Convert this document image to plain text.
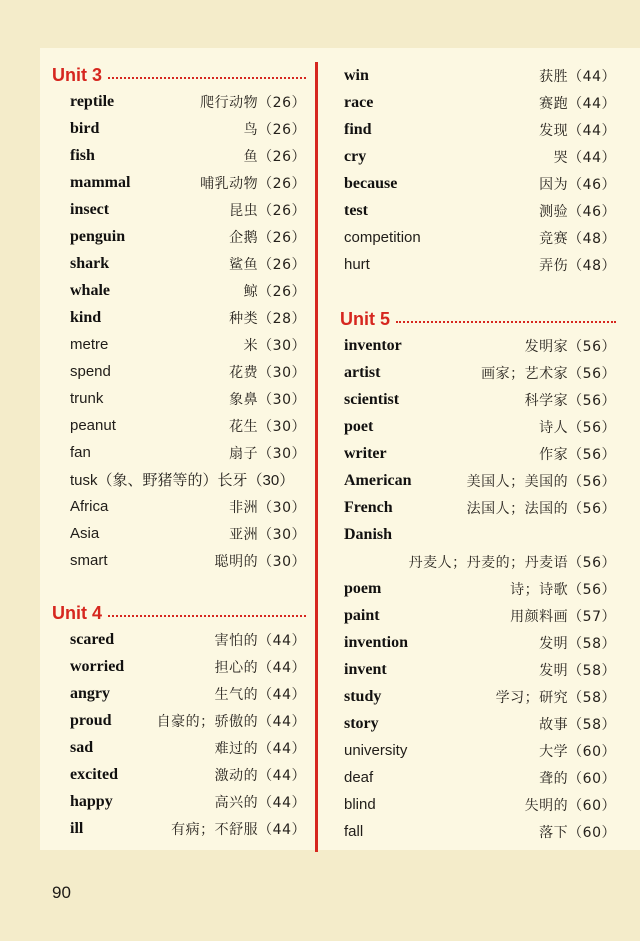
Unit 3
reptile	爬行动物（26）
bird	鸟（26）
fish	鱼（26）
mammal	哺乳动物（26）
insect	昆虫（26）
penguin	企鹅（26）
shark	鲨鱼（26）
whale	鲸（26）
kind	种类（28）
metre	米（30）
spend	花费（30）
trunk	象鼻（30）
peanut	花生（30）
fan	扇子（30）
tusk（象、野猪等的）长牙（30）
Africa	非洲（30）
Asia	亚洲（30）
smart	聪明的（30）
Unit 4
scared	害怕的（44）
worried	担心的（44）
angry	生气的（44）
proud	自豪的；骄傲的（44）
sad	难过的（44）
excited	激动的（44）
happy	高兴的（44）
ill	有病；不舒服（44）
win	获胜（44）
race	赛跑（44）
find	发现（44）
cry	哭（44）
because	因为（46）
test	测验（46）
competition	竞赛（48）
hurt	弄伤（48）
Unit 5
inventor	发明家（56）
artist	画家；艺术家（56）
scientist	科学家（56）
poet	诗人（56）
writer	作家（56）
American	美国人；美国的（56）
French	法国人；法国的（56）
Danish
丹麦人；丹麦的；丹麦语（56）
poem	诗；诗歌（56）
paint	用颜料画（57）
invention	发明（58）
invent	发明（58）
study	学习；研究（58）
story	故事（58）
university	大学（60）
deaf	聋的（60）
blind	失明的（60）
fall	落下（60）
90
